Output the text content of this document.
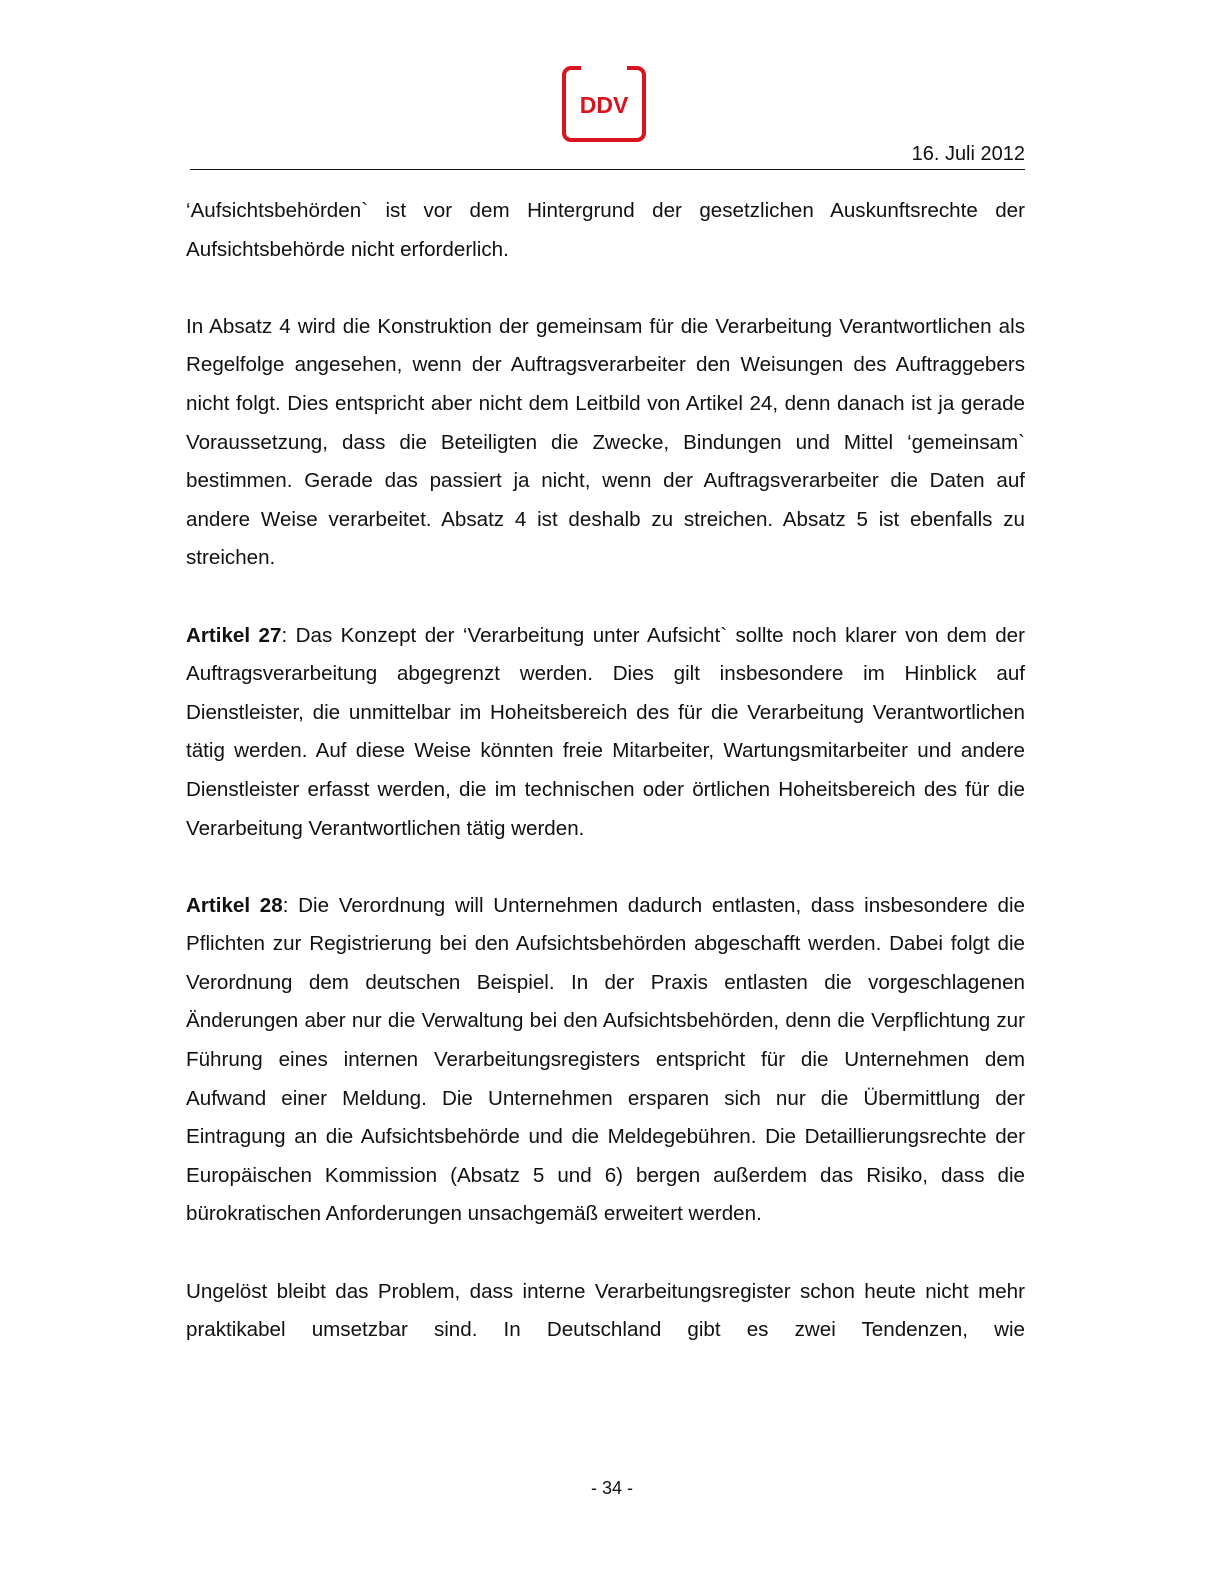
DDV
16. Juli 2012

‘Aufsichtsbehörden` ist vor dem Hintergrund der gesetzlichen Auskunftsrechte der Aufsichtsbehörde nicht erforderlich.

In Absatz 4 wird die Konstruktion der gemeinsam für die Verarbeitung Verantwortlichen als Regelfolge angesehen, wenn der Auftragsverarbeiter den Weisungen des Auftraggebers nicht folgt. Dies entspricht aber nicht dem Leitbild von Artikel 24, denn danach ist ja gerade Voraussetzung, dass die Beteiligten die Zwecke, Bindungen und Mittel ‘gemeinsam` bestimmen. Gerade das passiert ja nicht, wenn der Auftragsverarbeiter die Daten auf andere Weise verarbeitet. Absatz 4 ist deshalb zu streichen. Absatz 5 ist ebenfalls zu streichen.

Artikel 27: Das Konzept der ‘Verarbeitung unter Aufsicht` sollte noch klarer von dem der Auftragsverarbeitung abgegrenzt werden. Dies gilt insbesondere im Hinblick auf Dienstleister, die unmittelbar im Hoheitsbereich des für die Verarbeitung Verantwortlichen tätig werden. Auf diese Weise könnten freie Mitarbeiter, Wartungsmitarbeiter und andere Dienstleister erfasst werden, die im technischen oder örtlichen Hoheitsbereich des für die Verarbeitung Verantwortlichen tätig werden.

Artikel 28: Die Verordnung will Unternehmen dadurch entlasten, dass insbesondere die Pflichten zur Registrierung bei den Aufsichtsbehörden abgeschafft werden. Dabei folgt die Verordnung dem deutschen Beispiel. In der Praxis entlasten die vorgeschlagenen Änderungen aber nur die Verwaltung bei den Aufsichtsbehörden, denn die Verpflichtung zur Führung eines internen Verarbeitungsregisters entspricht für die Unternehmen dem Aufwand einer Meldung. Die Unternehmen ersparen sich nur die Übermittlung der Eintragung an die Aufsichtsbehörde und die Meldegebühren. Die Detaillierungsrechte der Europäischen Kommission (Absatz 5 und 6) bergen außerdem das Risiko, dass die bürokratischen Anforderungen unsachgemäß erweitert werden.

Ungelöst bleibt das Problem, dass interne Verarbeitungsregister schon heute nicht mehr praktikabel umsetzbar sind. In Deutschland gibt es zwei Tendenzen, wie

- 34 -
